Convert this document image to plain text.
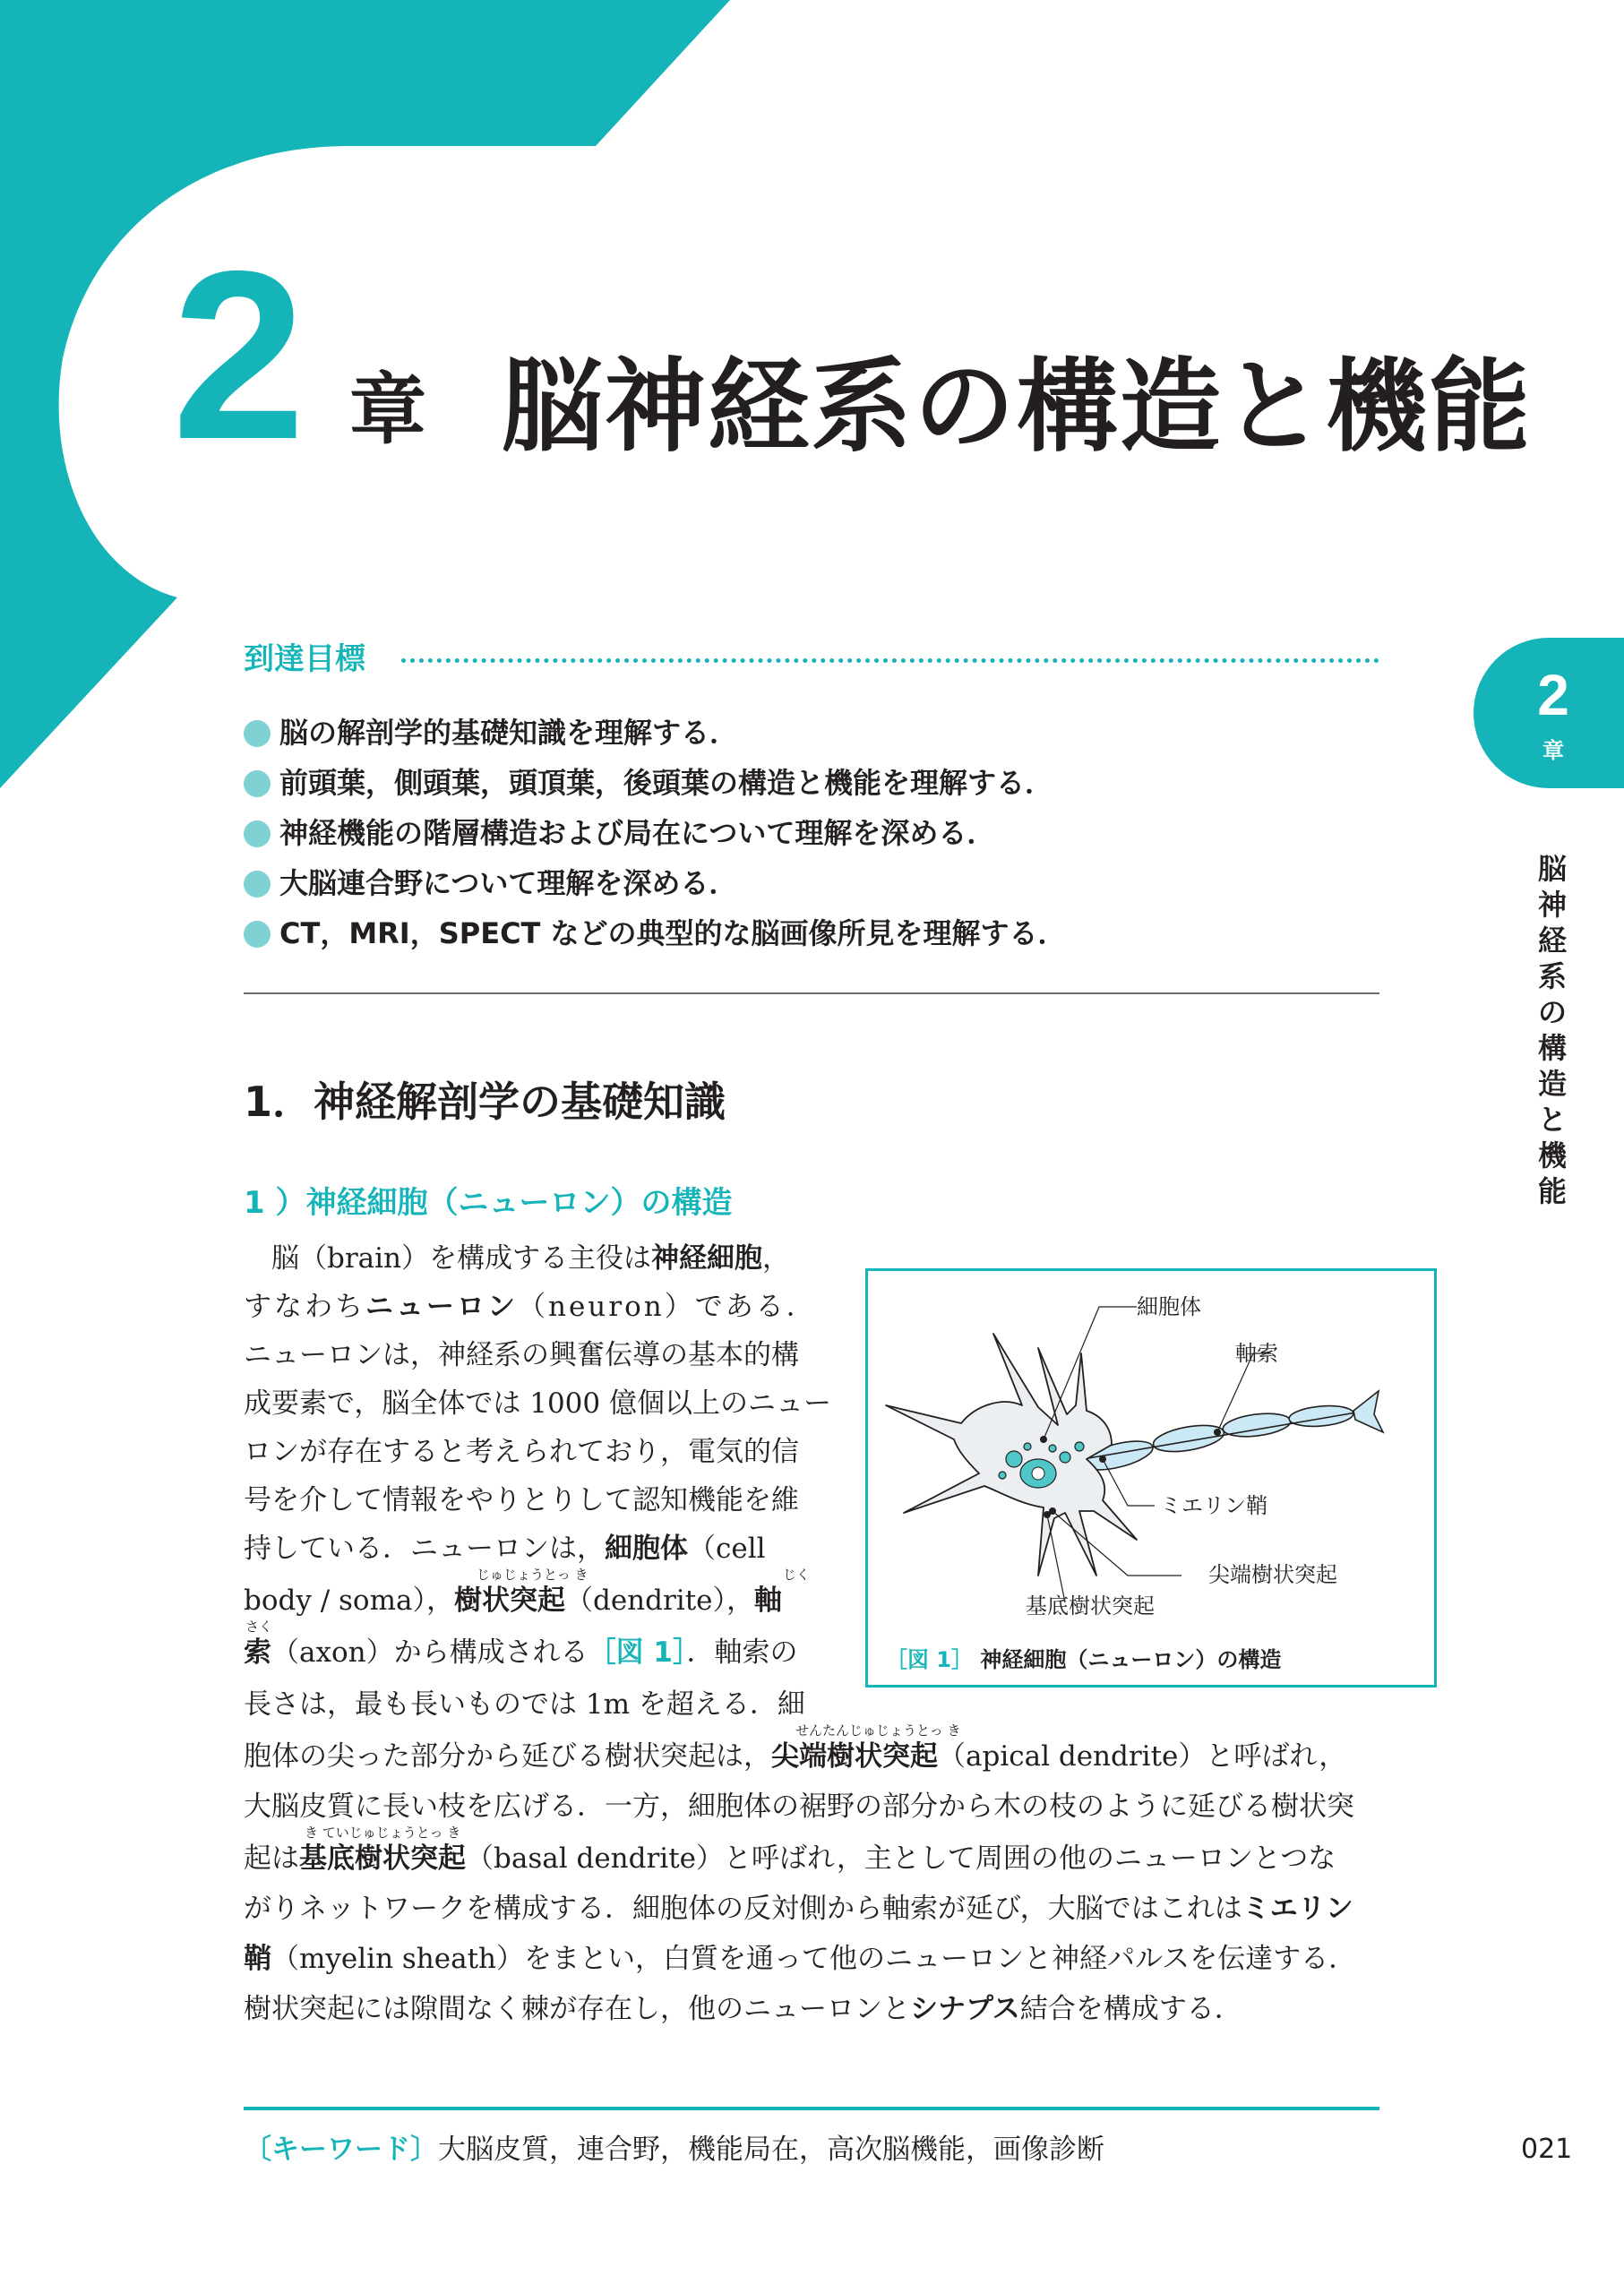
2 章 脳神経系の構造と機能
到達目標
脳の解剖学的基礎知識を理解する．
前頭葉，側頭葉，頭頂葉，後頭葉の構造と機能を理解する．
神経機能の階層構造および局在について理解を深める．
大脳連合野について理解を深める．
CT，MRI，SPECT などの典型的な脳画像所見を理解する．
1．神経解剖学の基礎知識
1 ）神経細胞（ニューロン）の構造
脳（brain）を構成する主役は神経細胞，
すなわちニューロン（neuron）である．
ニューロンは，神経系の興奮伝導の基本的構
成要素で，脳全体では 1000 億個以上のニュー
ロンが存在すると考えられており，電気的信
号を介して情報をやりとりして認知機能を維
持している．ニューロンは，細胞体（cell
じゅじょうとっ き	じく
body / soma），樹状突起（dendrite），軸
さく
索（axon）から構成される［図 1］．軸索の
長さは，最も長いものでは 1m を超える．細
せんたんじゅじょうとっ き
胞体の尖った部分から延びる樹状突起は，尖端樹状突起（apical dendrite）と呼ばれ，
大脳皮質に長い枝を広げる．一方，細胞体の裾野の部分から木の枝のように延びる樹状突
き ていじゅじょうとっ き
起は基底樹状突起（basal dendrite）と呼ばれ，主として周囲の他のニューロンとつな
がりネットワークを構成する．細胞体の反対側から軸索が延び，大脳ではこれはミエリン
鞘（myelin sheath）をまとい，白質を通って他のニューロンと神経パルスを伝達する．
樹状突起には隙間なく棘が存在し，他のニューロンとシナプス結合を構成する．
細胞体
軸索
ミエリン鞘
尖端樹状突起
基底樹状突起
［図 1］ 神経細胞（ニューロン）の構造
2
章
脳神経系の構造と機能
〔キーワード〕大脳皮質，連合野，機能局在，高次脳機能，画像診断	021
